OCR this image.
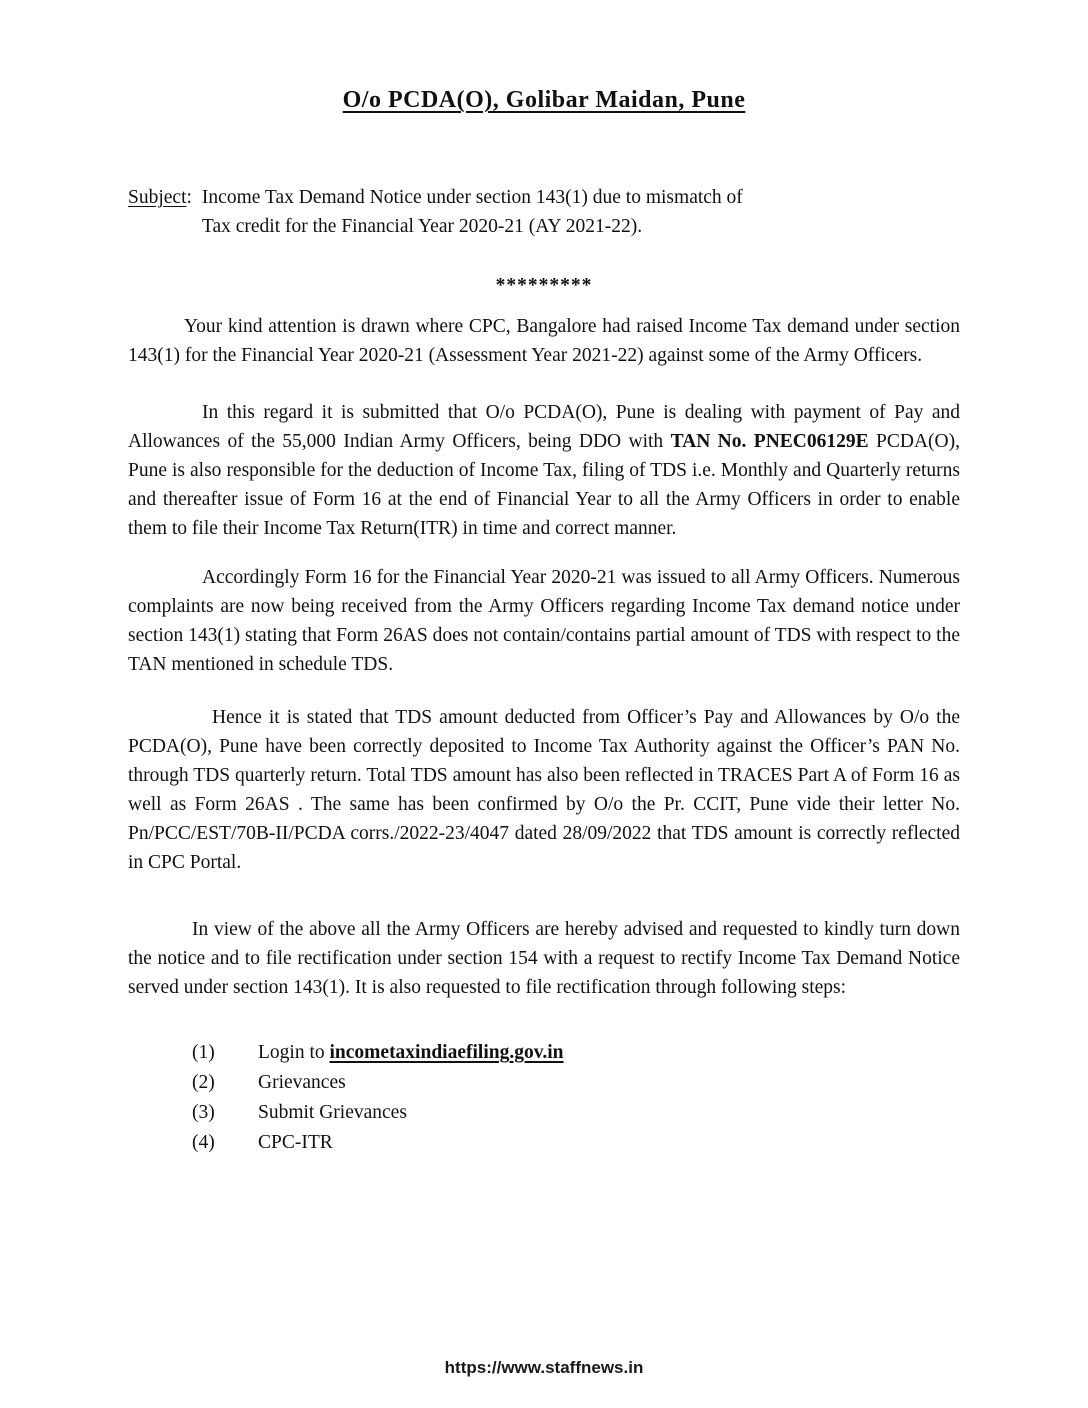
O/o PCDA(O), Golibar Maidan, Pune
Subject: Income Tax Demand Notice under section 143(1) due to mismatch of
Tax credit for the Financial Year 2020-21 (AY 2021-22).
*********

Your kind attention is drawn where CPC, Bangalore had raised Income Tax demand under section 143(1) for the Financial Year 2020-21 (Assessment Year 2021-22) against some of the Army Officers.

In this regard it is submitted that O/o PCDA(O), Pune is dealing with payment of Pay and Allowances of the 55,000 Indian Army Officers, being DDO with TAN No. PNEC06129E PCDA(O), Pune is also responsible for the deduction of Income Tax, filing of TDS i.e. Monthly and Quarterly returns and thereafter issue of Form 16 at the end of Financial Year to all the Army Officers in order to enable them to file their Income Tax Return(ITR) in time and correct manner.

Accordingly Form 16 for the Financial Year 2020-21 was issued to all Army Officers. Numerous complaints are now being received from the Army Officers regarding Income Tax demand notice under section 143(1) stating that Form 26AS does not contain/contains partial amount of TDS with respect to the TAN mentioned in schedule TDS.

Hence it is stated that TDS amount deducted from Officer’s Pay and Allowances by O/o the PCDA(O), Pune have been correctly deposited to Income Tax Authority against the Officer’s PAN No. through TDS quarterly return. Total TDS amount has also been reflected in TRACES Part A of Form 16 as well as Form 26AS . The same has been confirmed by O/o the Pr. CCIT, Pune vide their letter No. Pn/PCC/EST/70B-II/PCDA corrs./2022-23/4047 dated 28/09/2022 that TDS amount is correctly reflected in CPC Portal.

In view of the above all the Army Officers are hereby advised and requested to kindly turn down the notice and to file rectification under section 154 with a request to rectify Income Tax Demand Notice served under section 143(1). It is also requested to file rectification through following steps:

(1)	Login to incometaxindiaefiling.gov.in
(2)	Grievances
(3)	Submit Grievances
(4)	CPC-ITR
https://www.staffnews.in
